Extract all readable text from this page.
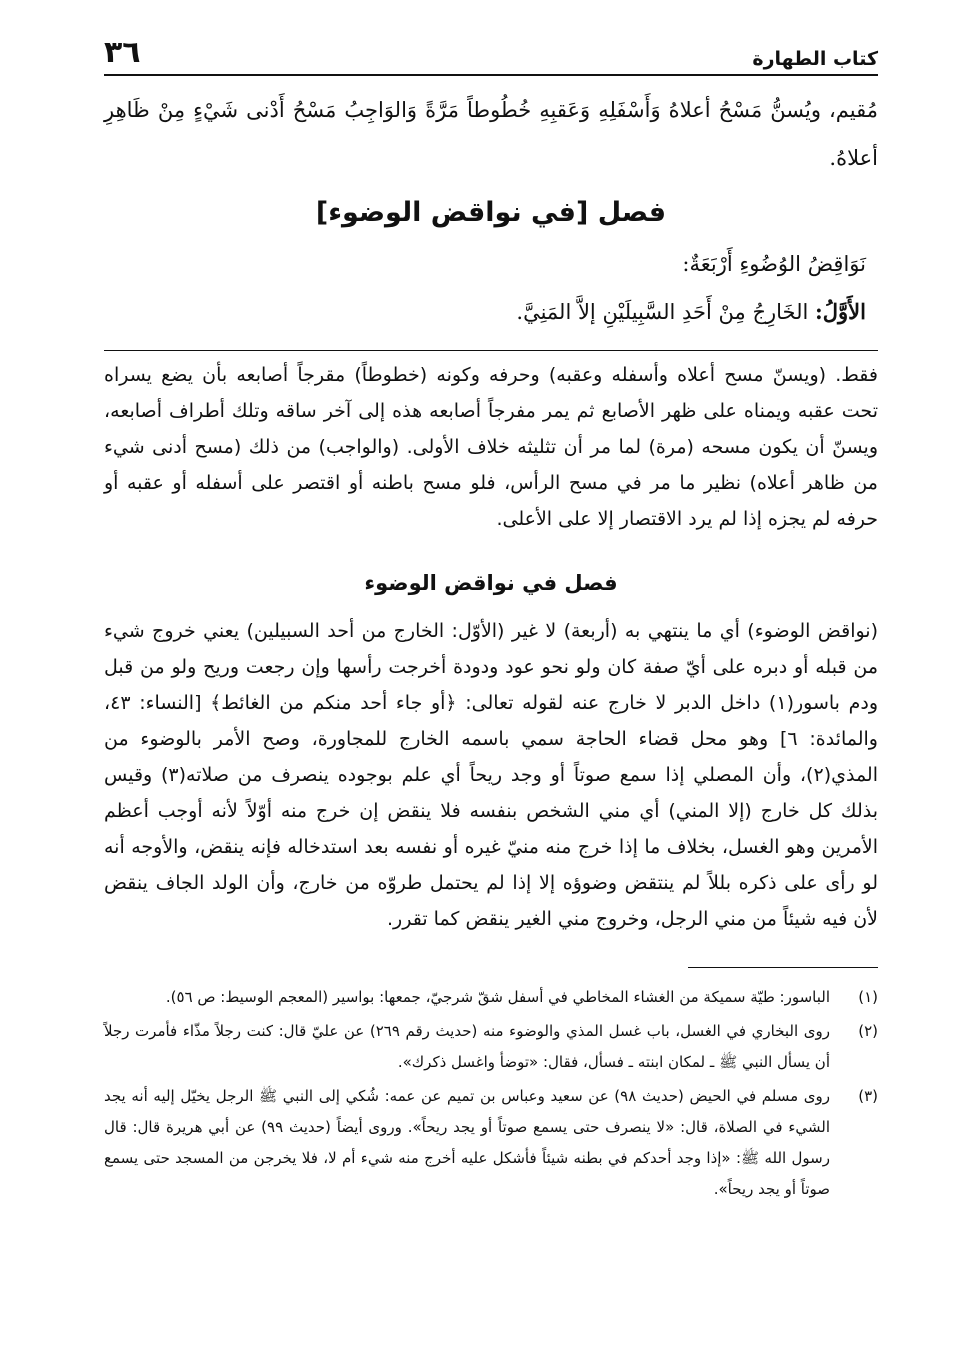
كتاب الطهارة
٣٦
مُقيم، ويُسنُّ مَسْحُ أعلاهُ وَأَسْفَلِهِ وَعَقبِهِ خُطُوطاً مَرَّةً وَالوَاجِبُ مَسْحُ أَدْنى شَيْءٍ مِنْ ظَاهِرِ أعلاهُ.
فصل [في نواقض الوضوء]
نَوَاقِضُ الوُضُوءِ أَرْبَعَةٌ:
الأَوَّلُ: الخَارِجُ مِنْ أَحَدِ السَّبِيلَيْنِ إلاَّ المَنِيَّ.
فقط. (ويسنّ مسح أعلاه وأسفله وعقبه) وحرفه وكونه (خطوطاً) مقرجاً أصابعه بأن يضع يسراه تحت عقبه ويمناه على ظهر الأصابع ثم يمر مفرجاً أصابعه هذه إلى آخر ساقه وتلك أطراف أصابعه، ويسنّ أن يكون مسحه (مرة) لما مر أن تثليثه خلاف الأولى. (والواجب) من ذلك (مسح أدنى شيء من ظاهر أعلاه) نظير ما مر في مسح الرأس، فلو مسح باطنه أو اقتصر على أسفله أو عقبه أو حرفه لم يجزه إذا لم يرد الاقتصار إلا على الأعلى.
فصل في نواقض الوضوء
(نواقض الوضوء) أي ما ينتهي به (أربعة) لا غير (الأوّل: الخارج من أحد السبيلين) يعني خروج شيء من قبله أو دبره على أيّ صفة كان ولو نحو عود ودودة أخرجت رأسها وإن رجعت وريح ولو من قبل ودم باسور(١) داخل الدبر لا خارج عنه لقوله تعالى: ﴿أو جاء أحد منكم من الغائط﴾ [النساء: ٤٣، والمائدة: ٦] وهو محل قضاء الحاجة سمي باسمه الخارج للمجاورة، وصح الأمر بالوضوء من المذي(٢)، وأن المصلي إذا سمع صوتاً أو وجد ريحاً أي علم بوجوده ينصرف من صلاته(٣) وقيس بذلك كل خارج (إلا المني) أي مني الشخص بنفسه فلا ينقض إن خرج منه أوّلاً لأنه أوجب أعظم الأمرين وهو الغسل، بخلاف ما إذا خرج منه منيّ غيره أو نفسه بعد استدخاله فإنه ينقض، والأوجه أنه لو رأى على ذكره بللاً لم ينتقض وضوؤه إلا إذا لم يحتمل طروّه من خارج، وأن الولد الجاف ينقض لأن فيه شيئاً من مني الرجل، وخروج مني الغير ينقض كما تقرر.
(١)
الباسور: طيّة سميكة من الغشاء المخاطي في أسفل شقّ شرجيّ، جمعها: بواسير (المعجم الوسيط: ص ٥٦).
(٢)
روى البخاري في الغسل، باب غسل المذي والوضوء منه (حديث رقم ٢٦٩) عن عليّ قال: كنت رجلاً مذّاء فأمرت رجلاً أن يسأل النبي ﷺ ـ لمكان ابنته ـ فسأل، فقال: «توضأ واغسل ذكرك».
(٣)
روى مسلم في الحيض (حديث ٩٨) عن سعيد وعباس بن تميم عن عمه: شُكي إلى النبي ﷺ الرجل يخيّل إليه أنه يجد الشيء في الصلاة، قال: «لا ينصرف حتى يسمع صوتاً أو يجد ريحاً». وروى أيضاً (حديث ٩٩) عن أبي هريرة قال: قال رسول الله ﷺ: «إذا وجد أحدكم في بطنه شيئاً فأشكل عليه أخرج منه شيء أم لا، فلا يخرجن من المسجد حتى يسمع صوتاً أو يجد ريحاً».
